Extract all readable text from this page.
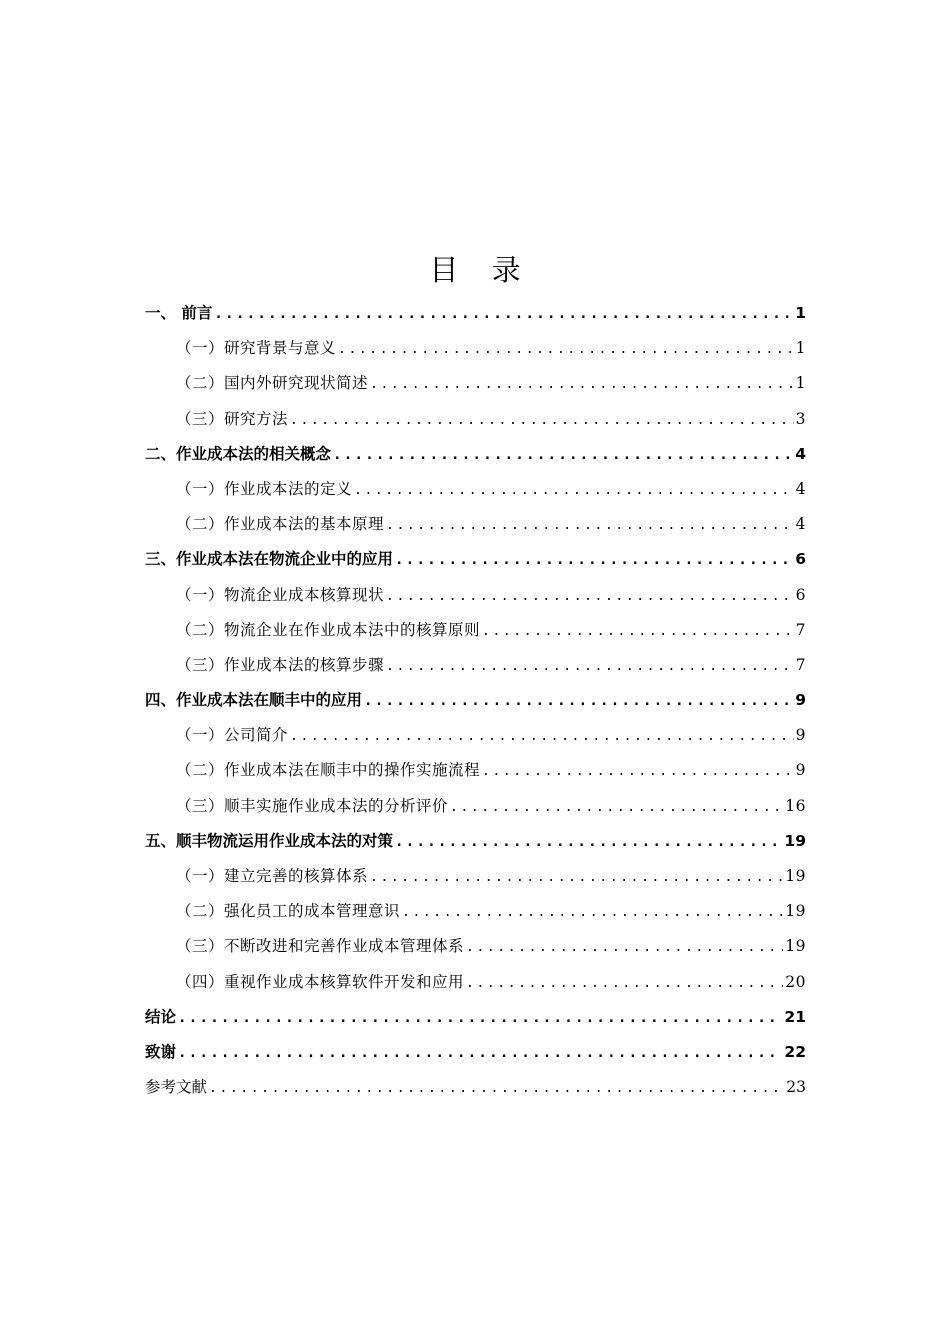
目 录
一、 前言 .....	1
（一）研究背景与意义 .....	1
（二）国内外研究现状简述 .....	1
（三）研究方法 .....	3
二、作业成本法的相关概念 .....	4
（一）作业成本法的定义 .....	4
（二）作业成本法的基本原理 .....	4
三、作业成本法在物流企业中的应用 .....	6
（一）物流企业成本核算现状 .....	6
（二）物流企业在作业成本法中的核算原则 .....	7
（三）作业成本法的核算步骤 .....	7
四、作业成本法在顺丰中的应用 .....	9
（一）公司简介 .....	9
（二）作业成本法在顺丰中的操作实施流程 .....	9
（三）顺丰实施作业成本法的分析评价 .....	16
五、顺丰物流运用作业成本法的对策 .....	19
（一）建立完善的核算体系 .....	19
（二）强化员工的成本管理意识 .....	19
（三）不断改进和完善作业成本管理体系 .....	19
（四）重视作业成本核算软件开发和应用 .....	20
结论 .....	21
致谢 .....	22
参考文献 .....	23
